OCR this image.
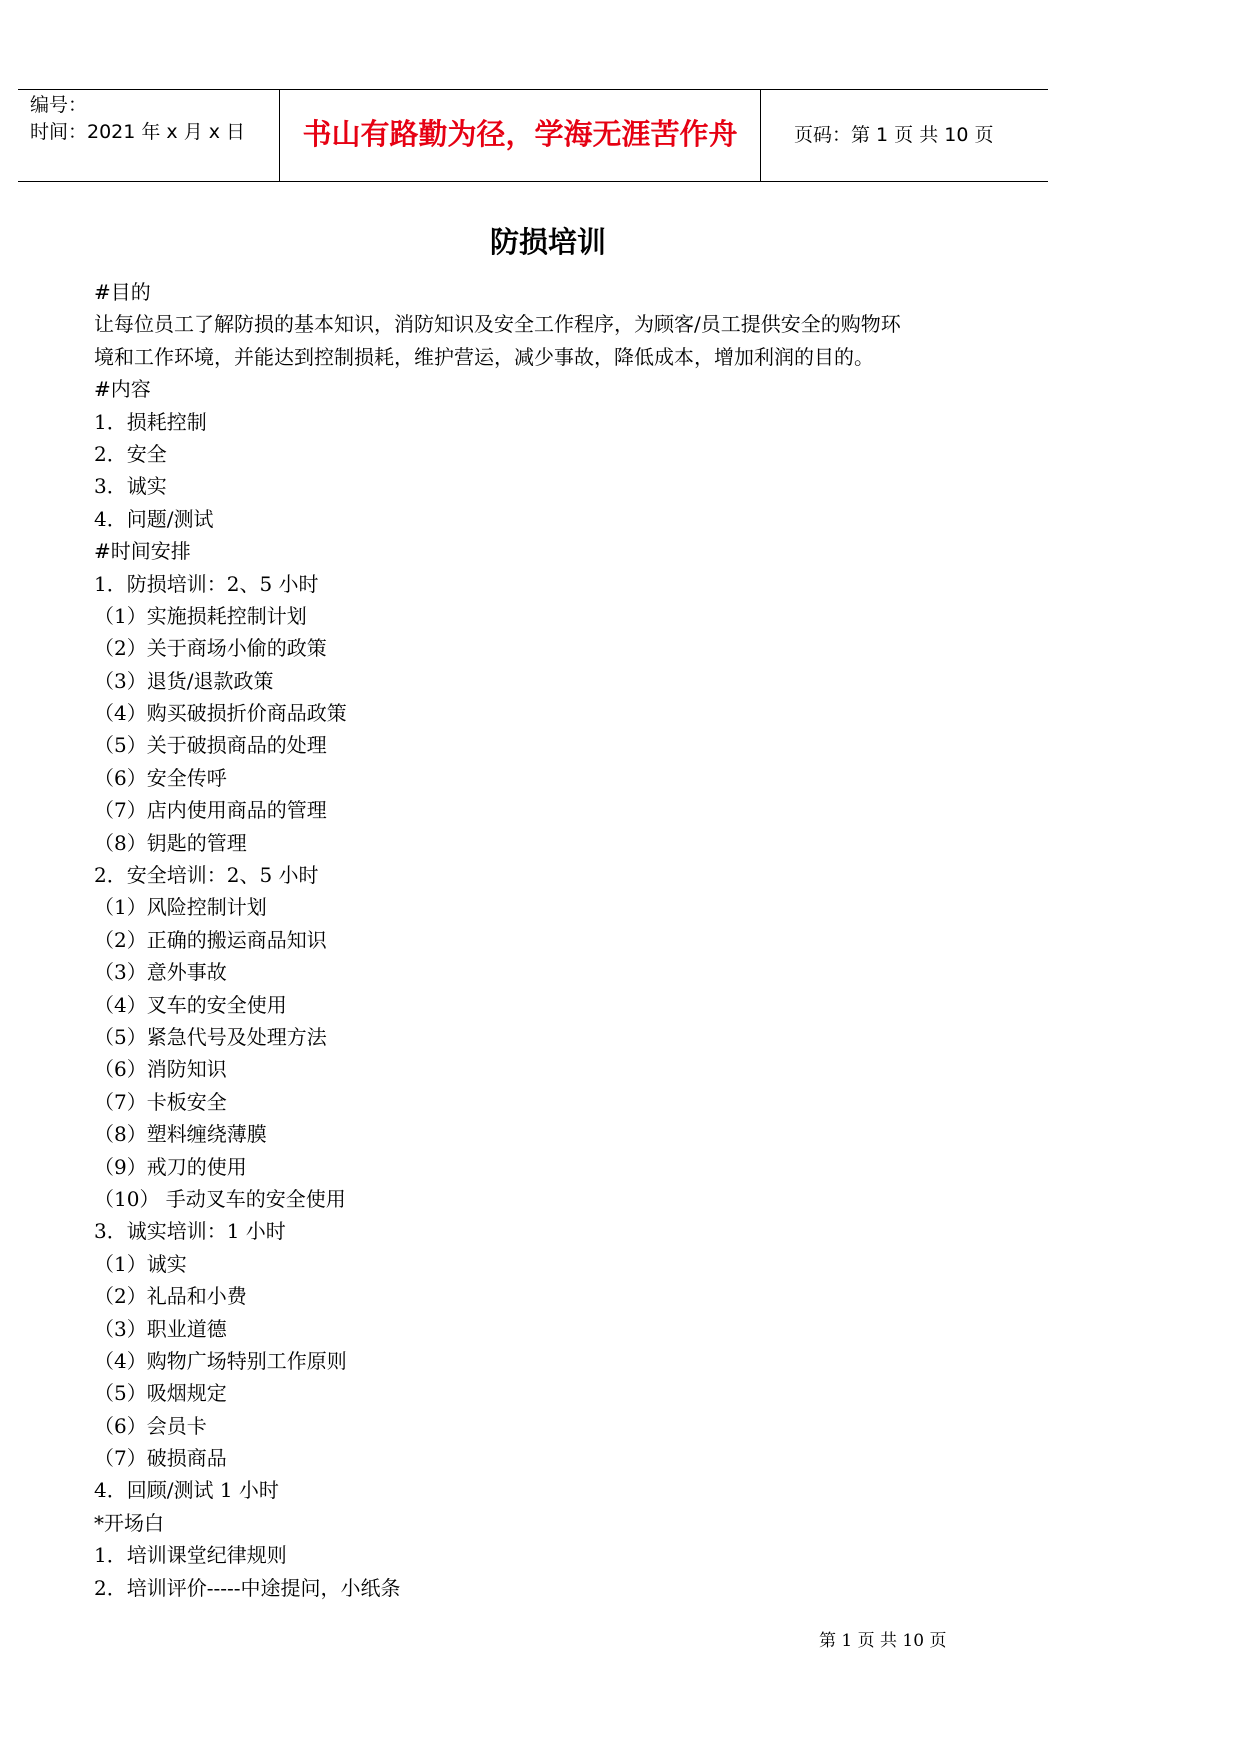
编号：
时间：2021 年 x 月 x 日	书山有路勤为径，学海无涯苦作舟	页码：第 1 页 共 10 页
防损培训
#目的
让每位员工了解防损的基本知识，消防知识及安全工作程序，为顾客/员工提供安全的购物环
境和工作环境，并能达到控制损耗，维护营运，减少事故，降低成本，增加利润的目的。
#内容
1．损耗控制
2．安全
3．诚实
4．问题/测试
#时间安排
1．防损培训：2、5 小时
（1）实施损耗控制计划
（2）关于商场小偷的政策
（3）退货/退款政策
（4）购买破损折价商品政策
（5）关于破损商品的处理
（6）安全传呼
（7）店内使用商品的管理
（8）钥匙的管理
2．安全培训：2、5 小时
（1）风险控制计划
（2）正确的搬运商品知识
（3）意外事故
（4）叉车的安全使用
（5）紧急代号及处理方法
（6）消防知识
（7）卡板安全
（8）塑料缠绕薄膜
（9）戒刀的使用
（10） 手动叉车的安全使用
3．诚实培训：1 小时
（1）诚实
（2）礼品和小费
（3）职业道德
（4）购物广场特别工作原则
（5）吸烟规定
（6）会员卡
（7）破损商品
4．回顾/测试 1 小时
*开场白
1．培训课堂纪律规则
2．培训评价-----中途提问，小纸条
第 1 页 共 10 页
